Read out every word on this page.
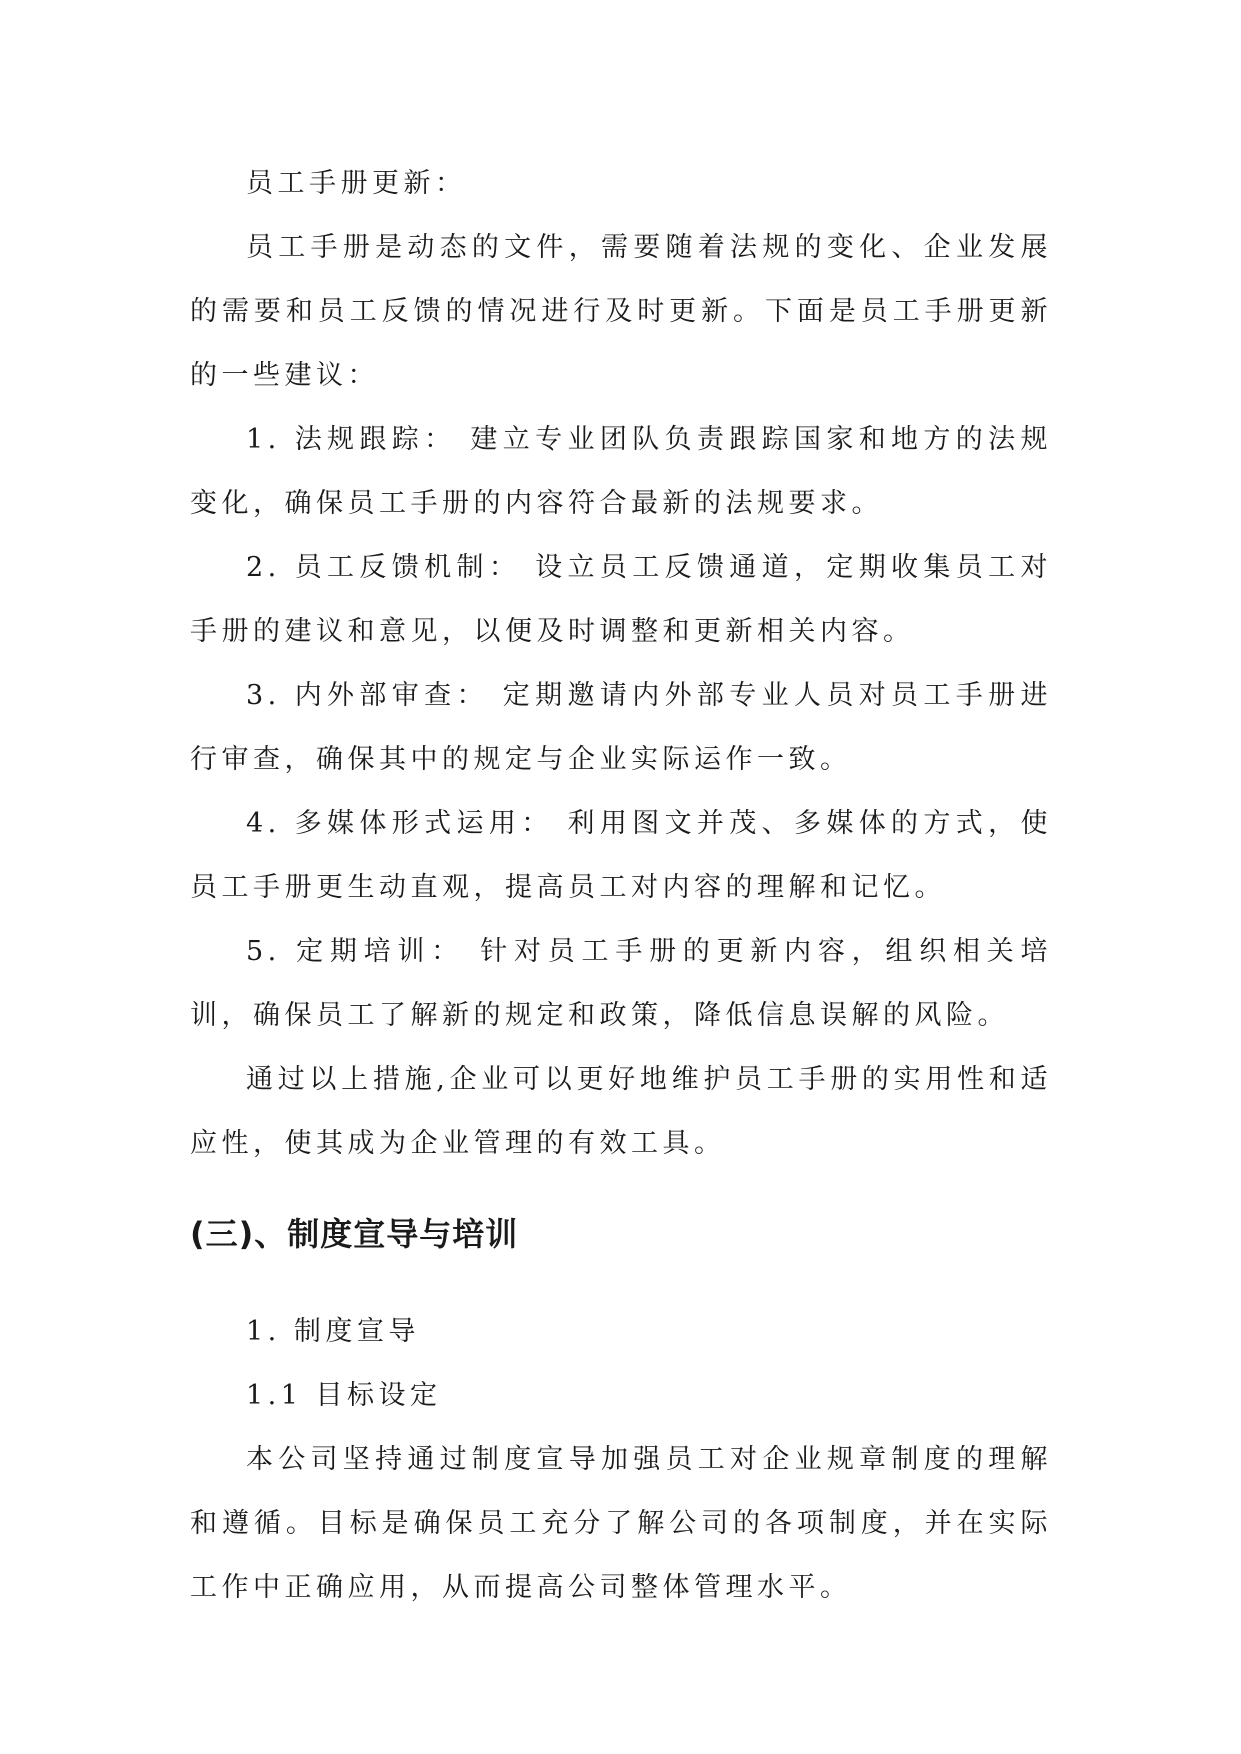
员工手册更新：

员工手册是动态的文件，需要随着法规的变化、企业发展的需要和员工反馈的情况进行及时更新。下面是员工手册更新的一些建议：

1. 法规跟踪： 建立专业团队负责跟踪国家和地方的法规变化，确保员工手册的内容符合最新的法规要求。

2. 员工反馈机制： 设立员工反馈通道，定期收集员工对手册的建议和意见，以便及时调整和更新相关内容。

3. 内外部审查： 定期邀请内外部专业人员对员工手册进行审查，确保其中的规定与企业实际运作一致。

4. 多媒体形式运用： 利用图文并茂、多媒体的方式，使员工手册更生动直观，提高员工对内容的理解和记忆。

5. 定期培训： 针对员工手册的更新内容，组织相关培训，确保员工了解新的规定和政策，降低信息误解的风险。

通过以上措施,企业可以更好地维护员工手册的实用性和适应性，使其成为企业管理的有效工具。

(三)、制度宣导与培训

1. 制度宣导

1.1 目标设定

本公司坚持通过制度宣导加强员工对企业规章制度的理解和遵循。目标是确保员工充分了解公司的各项制度，并在实际工作中正确应用，从而提高公司整体管理水平。
